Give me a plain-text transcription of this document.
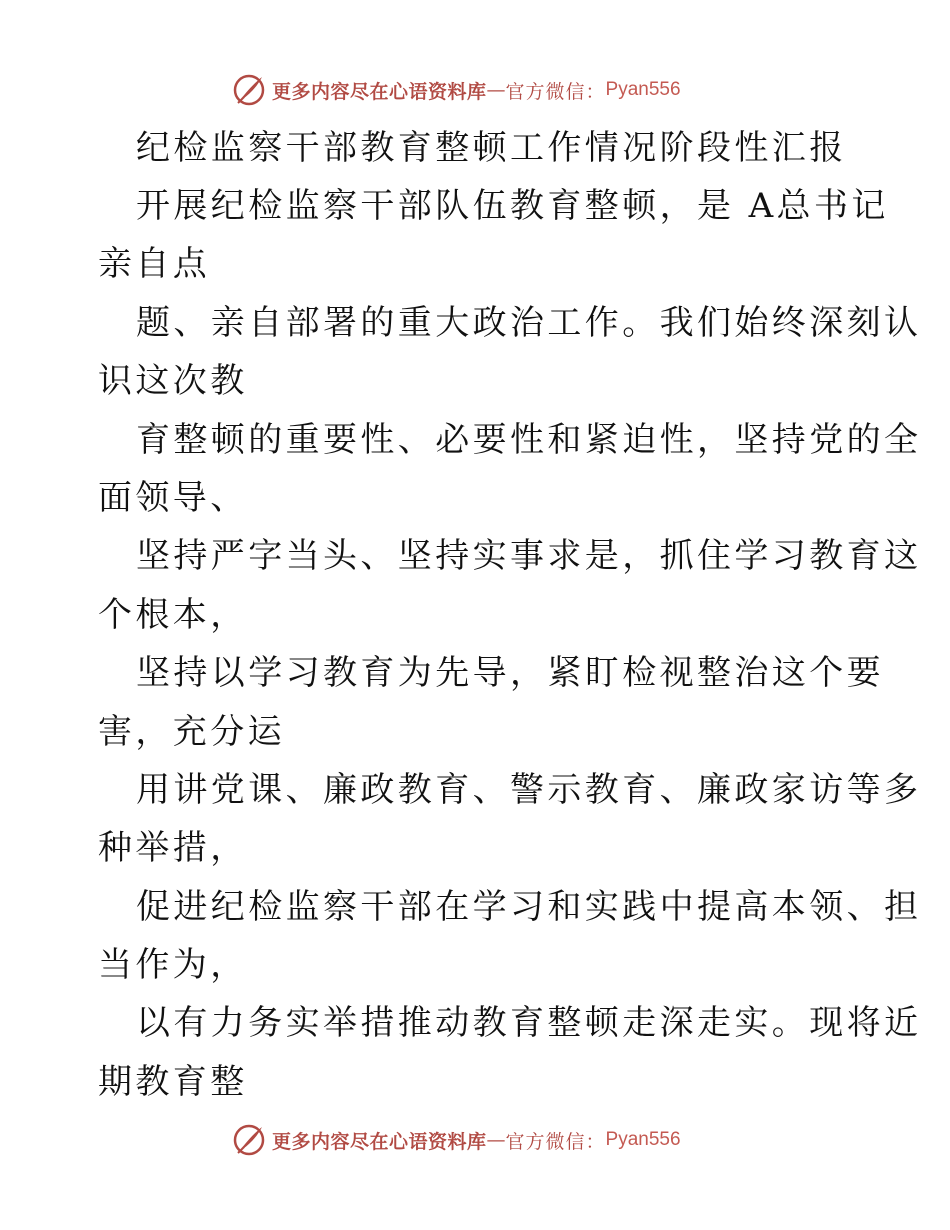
更多内容尽在心语资料库 — 官方微信： Pyan556
纪检监察干部教育整顿工作情况阶段性汇报
开展纪检监察干部队伍教育整顿，是 A总书记
亲自点
题、亲自部署的重大政治工作。我们始终深刻认
识这次教
育整顿的重要性、必要性和紧迫性，坚持党的全
面领导、
坚持严字当头、坚持实事求是，抓住学习教育这
个根本，
坚持以学习教育为先导，紧盯检视整治这个要
害，充分运
用讲党课、廉政教育、警示教育、廉政家访等多
种举措，
促进纪检监察干部在学习和实践中提高本领、担
当作为，
以有力务实举措推动教育整顿走深走实。现将近
期教育整
更多内容尽在心语资料库 — 官方微信： Pyan556
